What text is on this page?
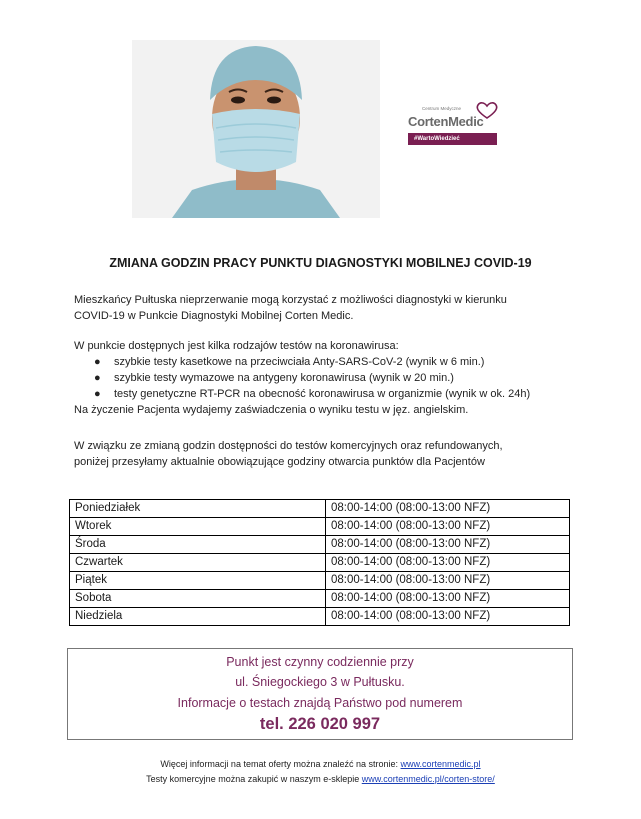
Centrum Medyczne
CortenMedic
#WartoWiedzieć
ZMIANA GODZIN PRACY PUNKTU DIAGNOSTYKI MOBILNEJ COVID-19
Mieszkańcy Pułtuska nieprzerwanie mogą korzystać z możliwości diagnostyki w kierunku
COVID-19 w Punkcie Diagnostyki Mobilnej Corten Medic.
W punkcie dostępnych jest kilka rodzajów testów na koronawirusa:
● szybkie testy kasetkowe na przeciwciała Anty-SARS-CoV-2 (wynik w 6 min.)
● szybkie testy wymazowe na antygeny koronawirusa (wynik w 20 min.)
● testy genetyczne RT-PCR na obecność koronawirusa w organizmie (wynik w ok. 24h)
Na życzenie Pacjenta wydajemy zaświadczenia o wyniku testu w jęz. angielskim.
W związku ze zmianą godzin dostępności do testów komercyjnych oraz refundowanych,
poniżej przesyłamy aktualnie obowiązujące godziny otwarcia punktów dla Pacjentów
Poniedziałek	08:00-14:00 (08:00-13:00 NFZ)
Wtorek	08:00-14:00 (08:00-13:00 NFZ)
Środa	08:00-14:00 (08:00-13:00 NFZ)
Czwartek	08:00-14:00 (08:00-13:00 NFZ)
Piątek	08:00-14:00 (08:00-13:00 NFZ)
Sobota	08:00-14:00 (08:00-13:00 NFZ)
Niedziela	08:00-14:00 (08:00-13:00 NFZ)
Punkt jest czynny codziennie przy
ul. Śniegockiego 3 w Pułtusku.
Informacje o testach znajdą Państwo pod numerem
tel. 226 020 997
Więcej informacji na temat oferty można znaleźć na stronie: www.cortenmedic.pl
Testy komercyjne można zakupić w naszym e-sklepie www.cortenmedic.pl/corten-store/
